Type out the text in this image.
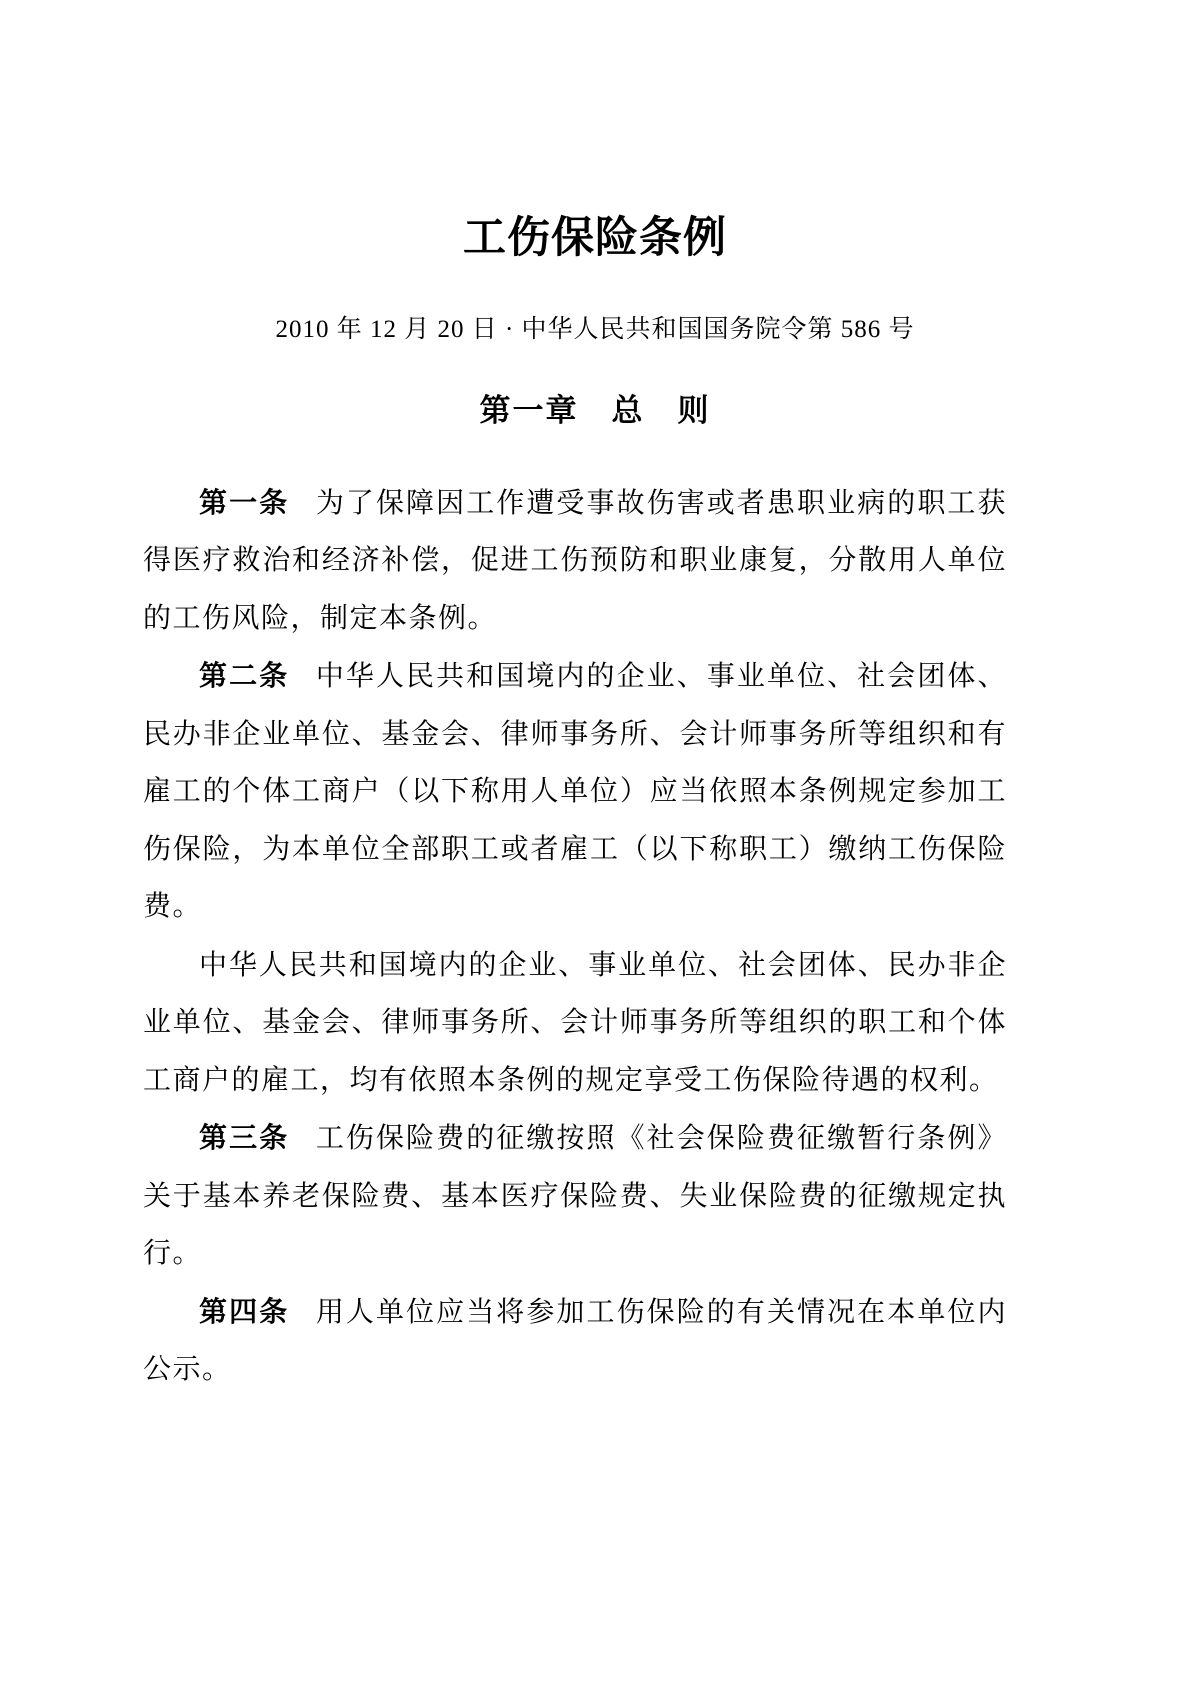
工伤保险条例
2010 年 12 月 20 日 · 中华人民共和国国务院令第 586 号
第一章　总　则

第一条 为了保障因工作遭受事故伤害或者患职业病的职工获得医疗救治和经济补偿，促进工伤预防和职业康复，分散用人单位的工伤风险，制定本条例。

第二条 中华人民共和国境内的企业、事业单位、社会团体、民办非企业单位、基金会、律师事务所、会计师事务所等组织和有雇工的个体工商户（以下称用人单位）应当依照本条例规定参加工伤保险，为本单位全部职工或者雇工（以下称职工）缴纳工伤保险费。

中华人民共和国境内的企业、事业单位、社会团体、民办非企业单位、基金会、律师事务所、会计师事务所等组织的职工和个体工商户的雇工，均有依照本条例的规定享受工伤保险待遇的权利。

第三条 工伤保险费的征缴按照《社会保险费征缴暂行条例》关于基本养老保险费、基本医疗保险费、失业保险费的征缴规定执行。

第四条 用人单位应当将参加工伤保险的有关情况在本单位内公示。
